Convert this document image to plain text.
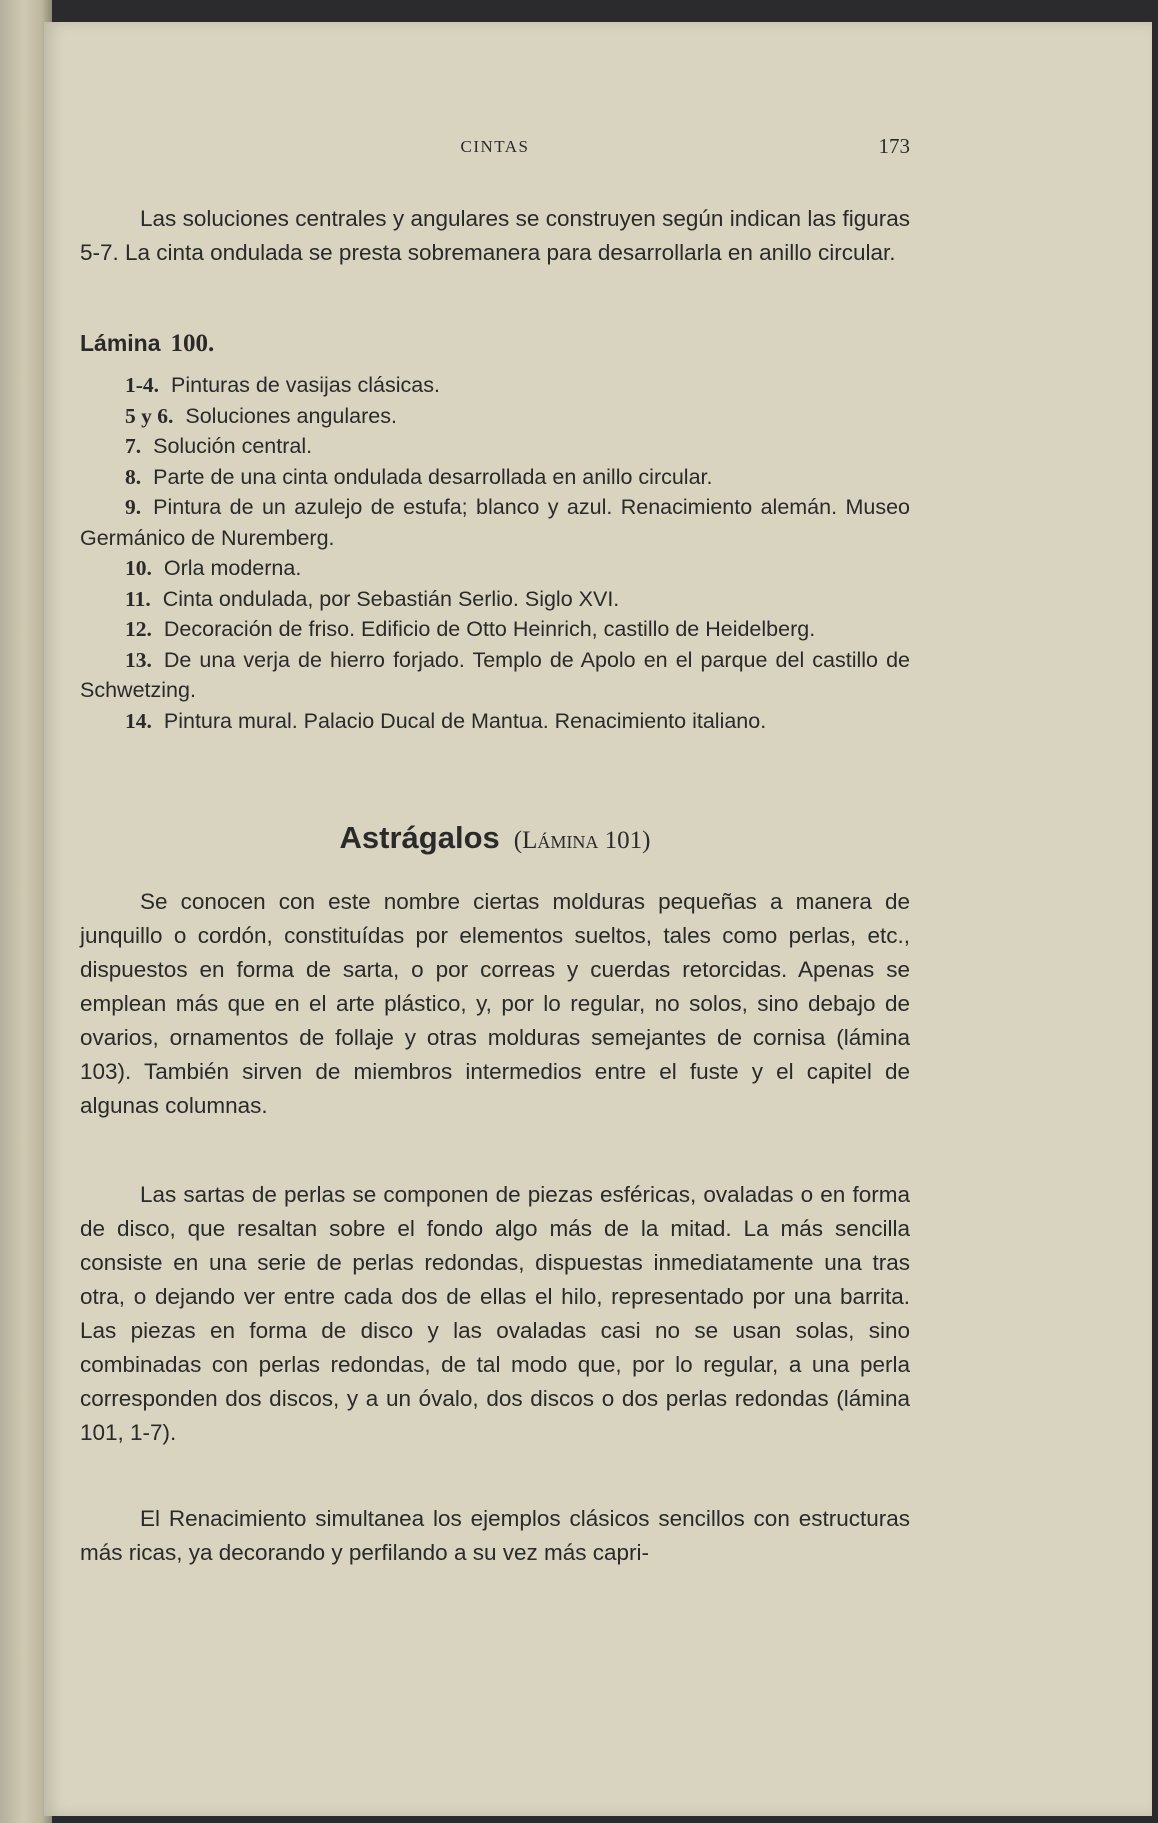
CINTAS	173

Las soluciones centrales y angulares se construyen según indican las figuras 5-7. La cinta ondulada se presta sobremanera para desarrollarla en anillo circular.

Lámina 100.
1-4. Pinturas de vasijas clásicas.
5 y 6. Soluciones angulares.
7. Solución central.
8. Parte de una cinta ondulada desarrollada en anillo circular.
9. Pintura de un azulejo de estufa; blanco y azul. Renacimiento alemán. Museo Germánico de Nuremberg.
10. Orla moderna.
11. Cinta ondulada, por Sebastián Serlio. Siglo XVI.
12. Decoración de friso. Edificio de Otto Heinrich, castillo de Heidelberg.
13. De una verja de hierro forjado. Templo de Apolo en el parque del castillo de Schwetzing.
14. Pintura mural. Palacio Ducal de Mantua. Renacimiento italiano.
Astrágalos (Lámina 101)

Se conocen con este nombre ciertas molduras pequeñas a manera de junquillo o cordón, constituídas por elementos sueltos, tales como perlas, etc., dispuestos en forma de sarta, o por correas y cuerdas retorcidas. Apenas se emplean más que en el arte plástico, y, por lo regular, no solos, sino debajo de ovarios, ornamentos de follaje y otras molduras semejantes de cornisa (lámina 103). También sirven de miembros intermedios entre el fuste y el capitel de algunas columnas.

Las sartas de perlas se componen de piezas esféricas, ovaladas o en forma de disco, que resaltan sobre el fondo algo más de la mitad. La más sencilla consiste en una serie de perlas redondas, dispuestas inmediatamente una tras otra, o dejando ver entre cada dos de ellas el hilo, representado por una barrita. Las piezas en forma de disco y las ovaladas casi no se usan solas, sino combinadas con perlas redondas, de tal modo que, por lo regular, a una perla corresponden dos discos, y a un óvalo, dos discos o dos perlas redondas (lámina 101, 1-7).

El Renacimiento simultanea los ejemplos clásicos sencillos con estructuras más ricas, ya decorando y perfilando a su vez más capri-
